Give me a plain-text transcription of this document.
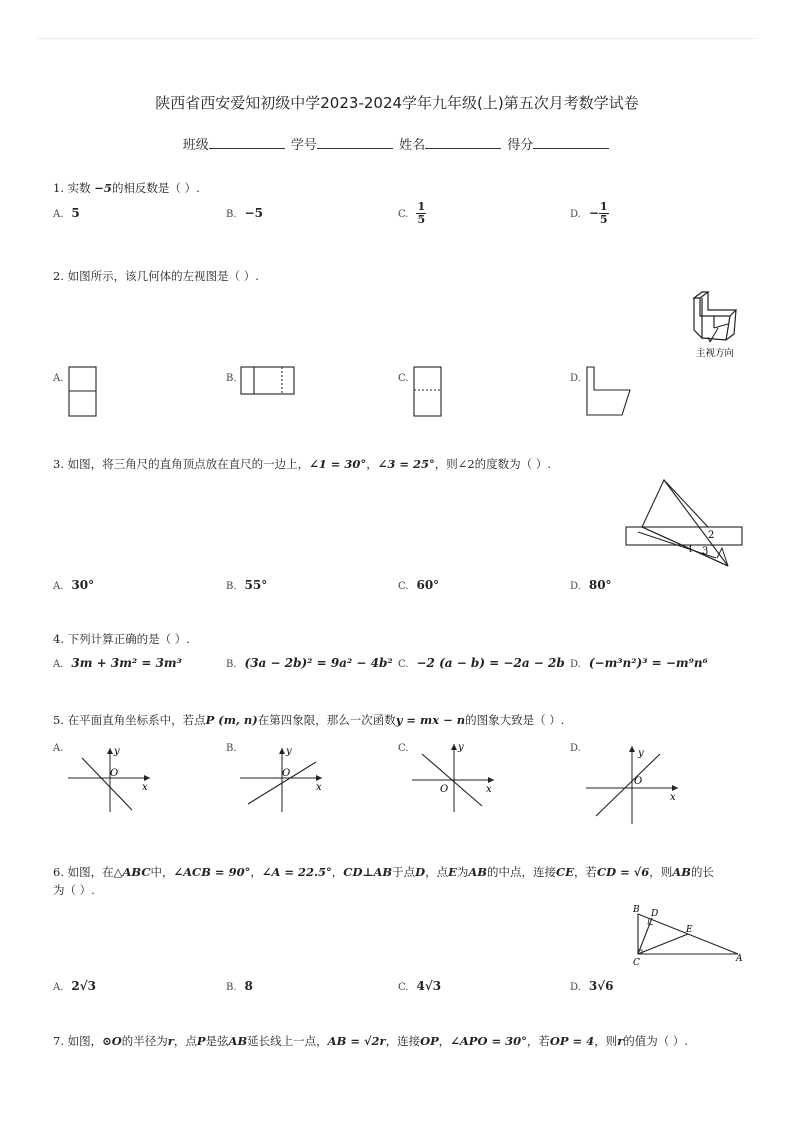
陕西省西安爱知初级中学2023-2024学年九年级(上)第五次月考数学试卷
班级	学号	姓名	得分
1. 实数 −5的相反数是（ ）.
A. 5	B. −5	C. $\frac{1}{5}$	D. − $\frac{1}{5}$
2. 如图所示，该几何体的左视图是（ ）.
主视方向
A.	B.	C.	D.
3. 如图，将三角尺的直角顶点放在直尺的一边上，∠1 = 30°，∠3 = 25°，则∠2的度数为（ ）.
2
3
1
A. 30°	B. 55°	C. 60°	D. 80°
4. 下列计算正确的是（ ）.
A. 3m + 3m² = 3m³	B. (3a − 2b)² = 9a² − 4b² C. −2 (a − b) = −2a − 2b D. (−m³n²)³ = −m⁹n⁶
5. 在平面直角坐标系中，若点P (m, n)在第四象限，那么一次函数y = mx − n的图象大致是（ ）.
A.	y
x
O
B.	y
x
O
C.	y
x
O
D.	y
x
O
6. 如图，在△ABC中，∠ACB = 90°，∠A = 22.5°，CD⊥AB于点D，点E为AB的中点，连接CE，若CD = √6，则AB的长
为（ ）.
B D
E
C	A
A. 2√3	B. 8	C. 4√3	D. 3√6
7. 如图，⊙O的半径为r，点P是弦AB延长线上一点，AB = √2r，连接OP，∠APO = 30°，若OP = 4，则r的值为（ ）.
